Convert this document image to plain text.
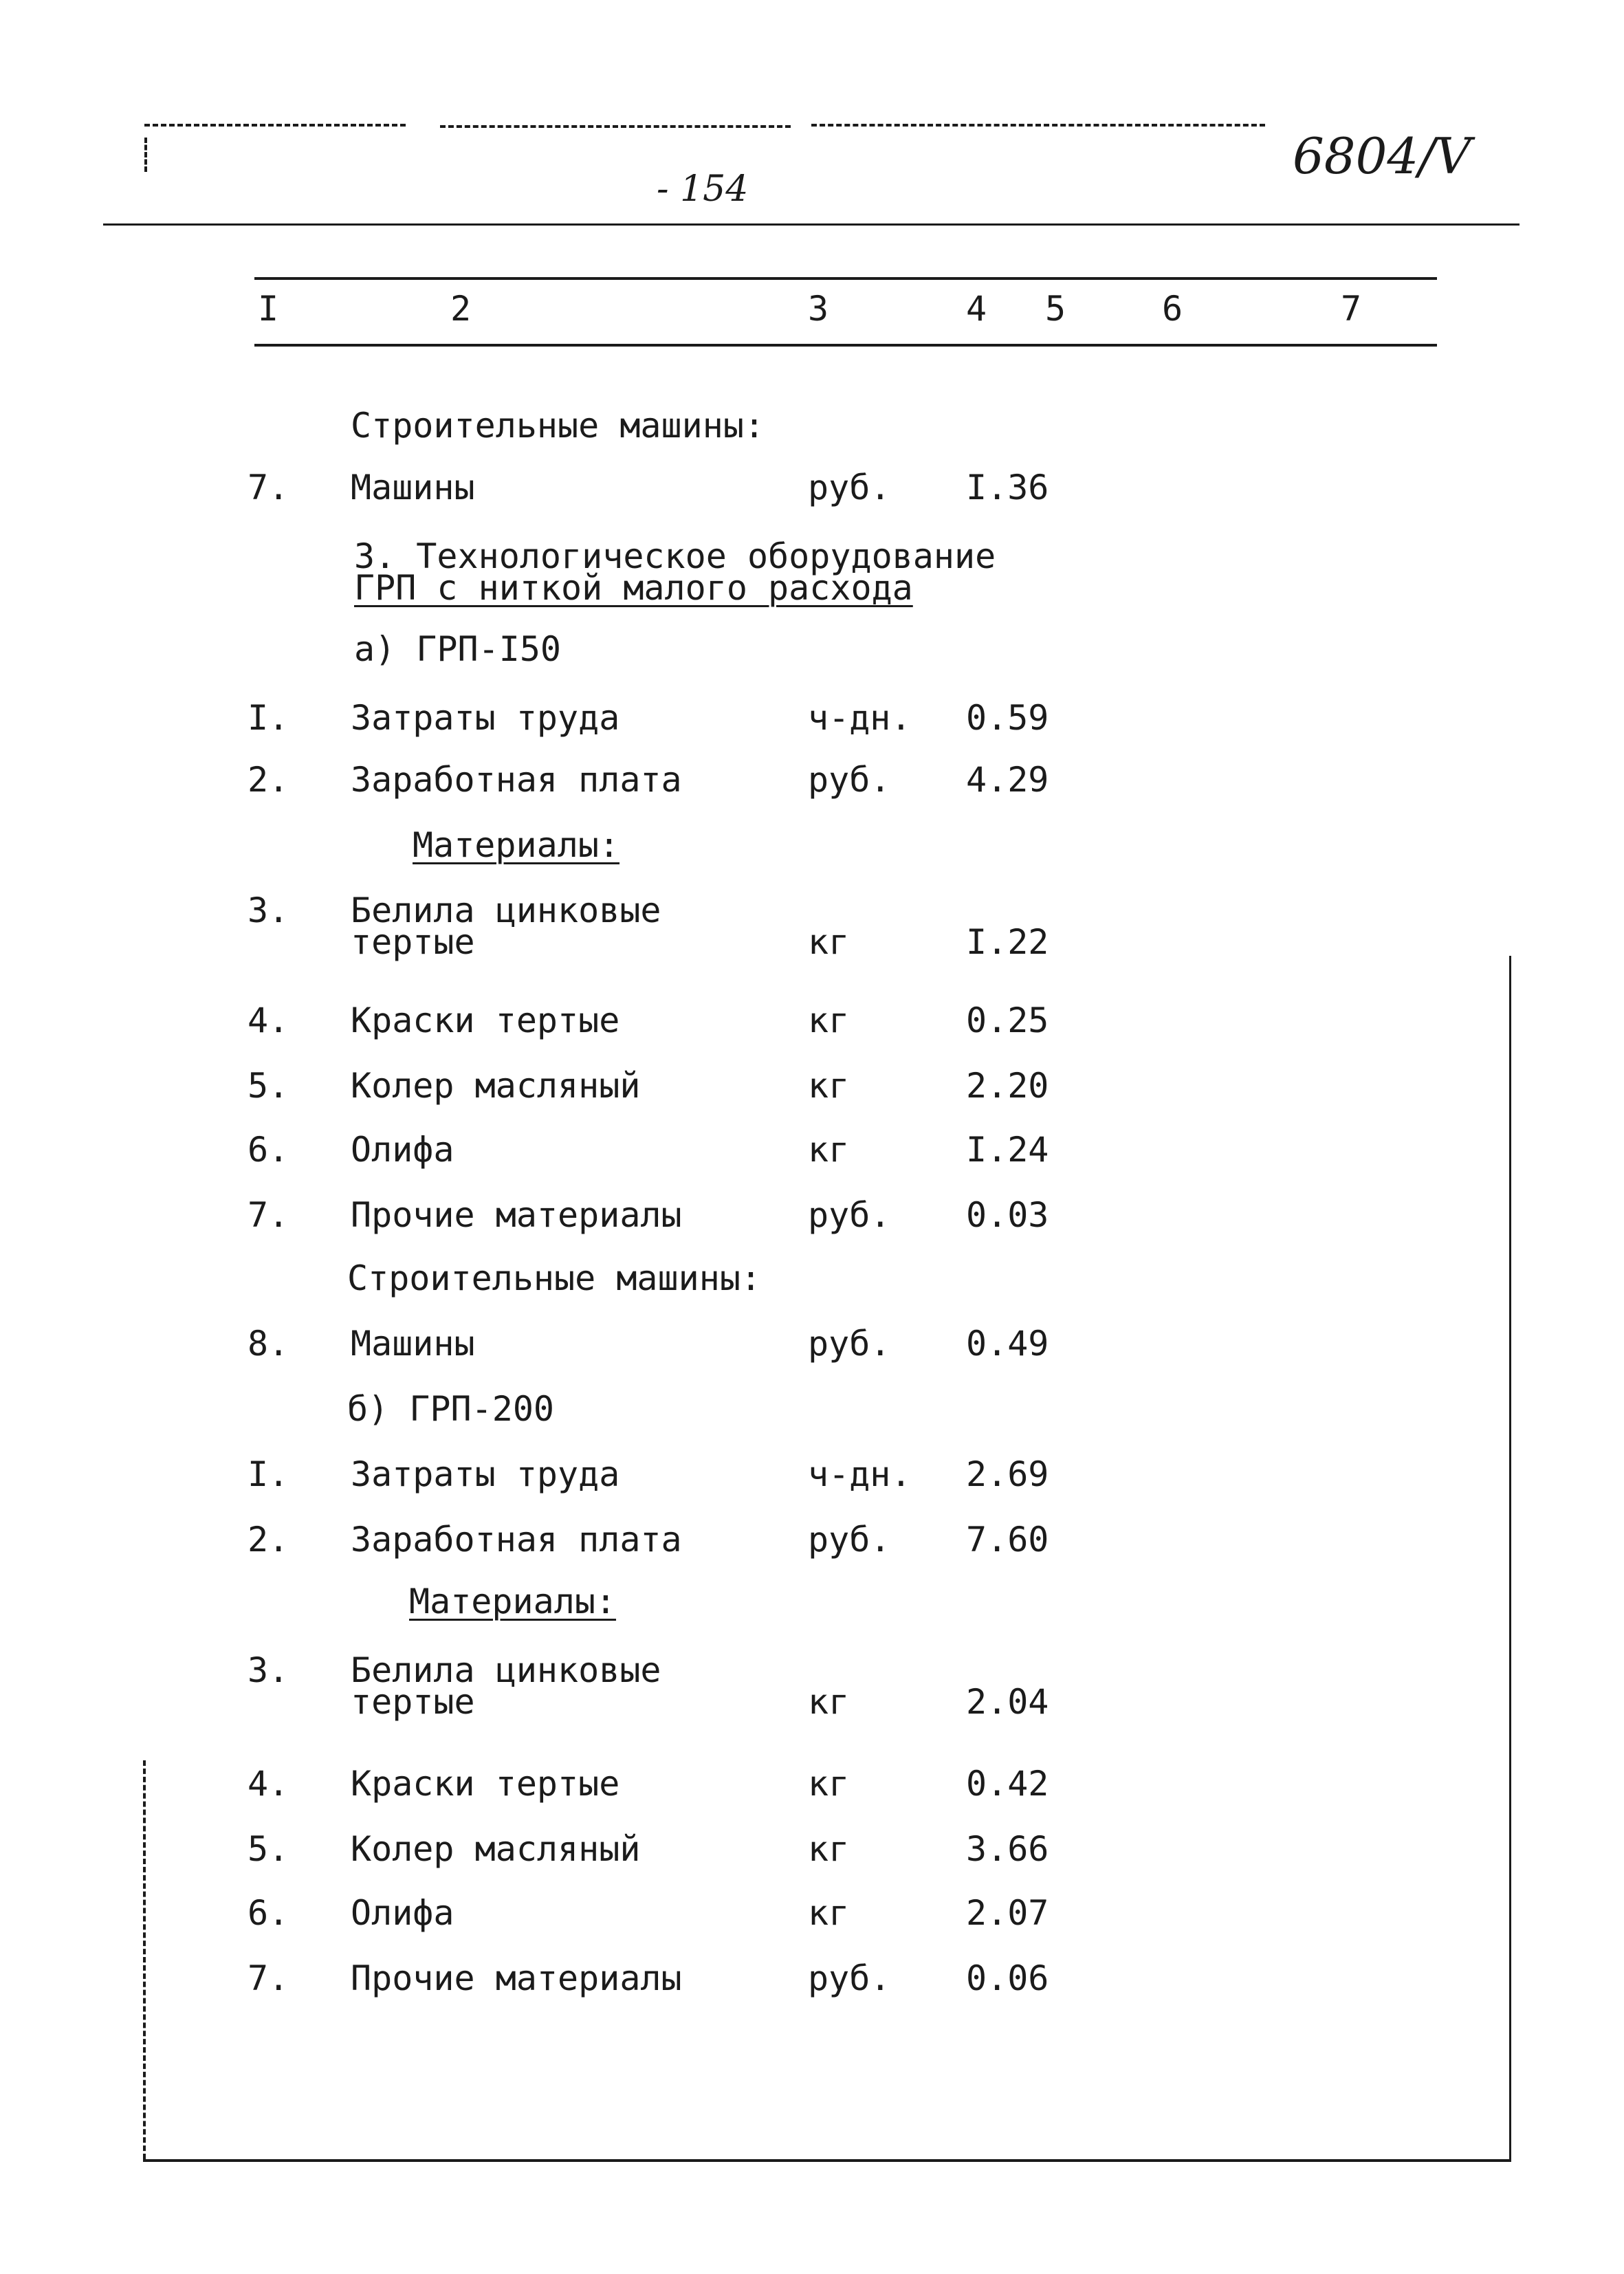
- 154
6804/V
I	2	3	4 5	6	7
Строительные машины:
7. Машины	руб. I.36
3. Технологическое оборудование
ГРП с ниткой малого расхода
а) ГРП-I50
I. Затраты труда	ч-дн. 0.59
2. Заработная плата	руб. 4.29
Материалы:
3. Белила цинковые
тертые	кг	I.22
4. Краски тертые	кг	0.25
5. Колер масляный	кг	2.20
6. Олифа	кг	I.24
7. Прочие материалы	руб. 0.03
Строительные машины:
8. Машины	руб. 0.49
б) ГРП-200
I. Затраты труда	ч-дн. 2.69
2. Заработная плата	руб. 7.60
Материалы:
3. Белила цинковые
тертые	кг	2.04
4. Краски тертые	кг	0.42
5. Колер масляный	кг	3.66
6. Олифа	кг	2.07
7. Прочие материалы	руб. 0.06
